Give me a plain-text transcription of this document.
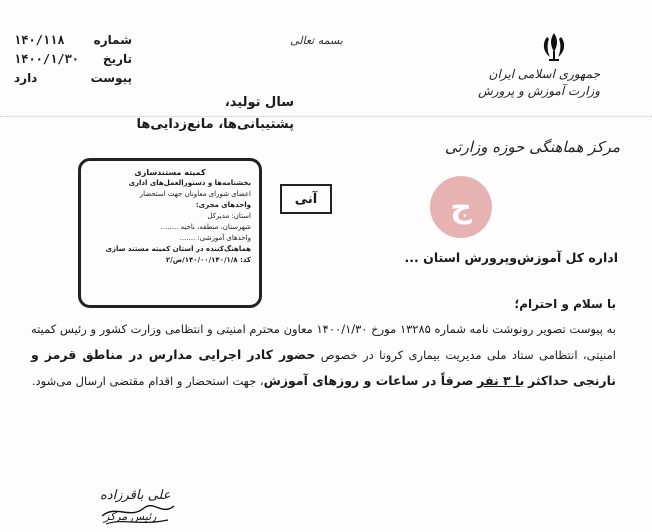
شماره
۱۴۰/۱۱۸
تاریخ
۱۴۰۰/۱/۳۰
پیوست
دارد
بسمه تعالی
جمهوری اسلامی ایران
وزارت آموزش و پرورش
مرکز هماهنگی حوزه وزارتی
سال تولید،
پشتیبانی‌ها، مانع‌زدایی‌ها
کمیته مستندسازی
بخشنامه‌ها و دستورالعمل‌های اداری
اعضای شورای معاونان جهت استحضار
واحدهای مجری:
استان: مدیرکل
شهرستان، منطقه، ناحیه ........
واحدهای آموزشی: .......
هماهنگ‌کننده در استان کمیته مستند سازی
کد: ۱۴۰/۰۰/۱۴۰/۱/۸/ص/۲
آنی	ج
اداره کل آموزش‌وپرورش استان ...
با سلام و احترام؛
به پیوست تصویر رونوشت نامه شماره ۱۳۲۸۵ مورخ ۱۴۰۰/۱/۳۰ معاون محترم امنیتی و انتظامی وزارت کشور و رئیس کمیته امنیتی، انتظامی ستاد ملی مدیریت بیماری کرونا در خصوص حضور کادر اجرایی مدارس در مناطق قرمز و نارنجی حداکثر با ۳ نفر صرفاً در ساعات و روزهای آموزش، جهت استحضار و اقدام مقتضی ارسال می‌شود.
علی باقرزاده
رئیس مرکز
